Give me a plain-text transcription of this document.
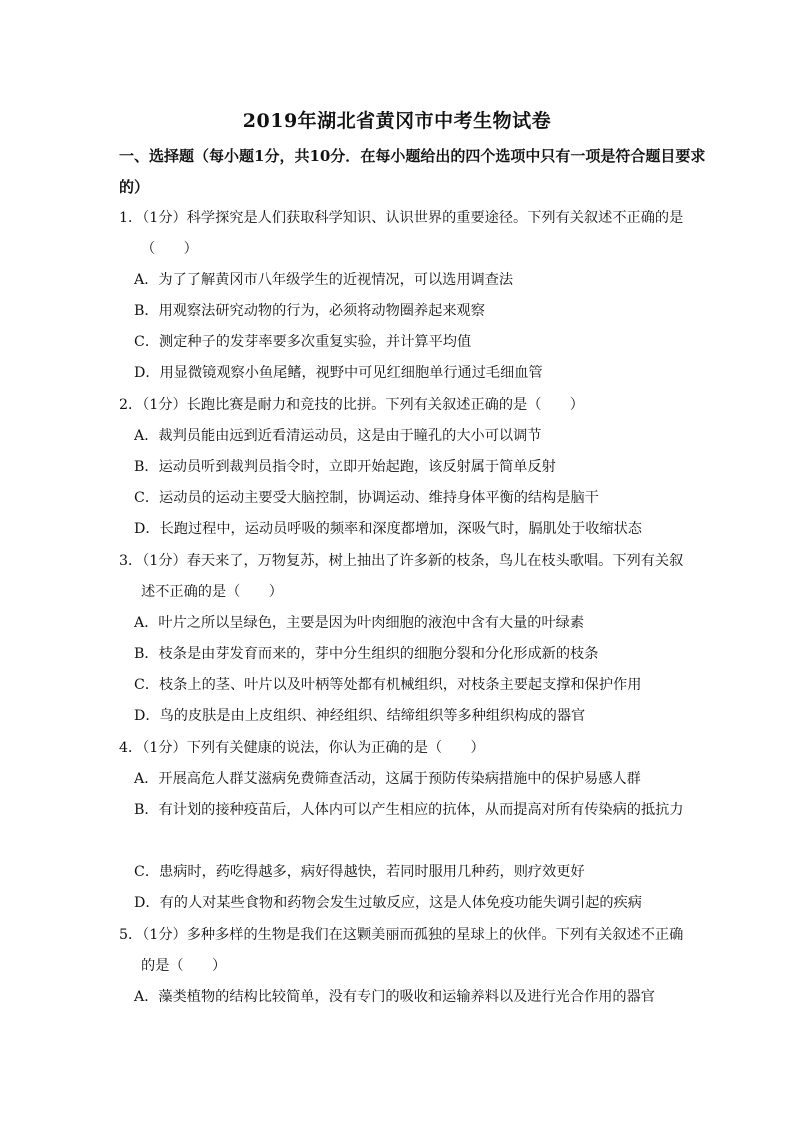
2019年湖北省黄冈市中考生物试卷
一、选择题（每小题1分，共10分．在每小题给出的四个选项中只有一项是符合题目要求
的）
1．（1分）科学探究是人们获取科学知识、认识世界的重要途径。下列有关叙述不正确的是
（　　）
A．为了了解黄冈市八年级学生的近视情况，可以选用调查法
B．用观察法研究动物的行为，必须将动物圈养起来观察
C．测定种子的发芽率要多次重复实验，并计算平均值
D．用显微镜观察小鱼尾鳍，视野中可见红细胞单行通过毛细血管
2．（1分）长跑比赛是耐力和竞技的比拼。下列有关叙述正确的是（　　）
A．裁判员能由远到近看清运动员，这是由于瞳孔的大小可以调节
B．运动员听到裁判员指令时，立即开始起跑，该反射属于简单反射
C．运动员的运动主要受大脑控制，协调运动、维持身体平衡的结构是脑干
D．长跑过程中，运动员呼吸的频率和深度都增加，深吸气时，膈肌处于收缩状态
3．（1分）春天来了，万物复苏，树上抽出了许多新的枝条，鸟儿在枝头歌唱。下列有关叙
述不正确的是（　　）
A．叶片之所以呈绿色，主要是因为叶肉细胞的液泡中含有大量的叶绿素
B．枝条是由芽发育而来的，芽中分生组织的细胞分裂和分化形成新的枝条
C．枝条上的茎、叶片以及叶柄等处都有机械组织，对枝条主要起支撑和保护作用
D．鸟的皮肤是由上皮组织、神经组织、结缔组织等多种组织构成的器官
4．（1分）下列有关健康的说法，你认为正确的是（　　）
A．开展高危人群艾滋病免费筛查活动，这属于预防传染病措施中的保护易感人群
B．有计划的接种疫苗后，人体内可以产生相应的抗体，从而提高对所有传染病的抵抗力
C．患病时，药吃得越多，病好得越快，若同时服用几种药，则疗效更好
D．有的人对某些食物和药物会发生过敏反应，这是人体免疫功能失调引起的疾病
5．（1分）多种多样的生物是我们在这颗美丽而孤独的星球上的伙伴。下列有关叙述不正确
的是（　　）
A．藻类植物的结构比较简单，没有专门的吸收和运输养料以及进行光合作用的器官
